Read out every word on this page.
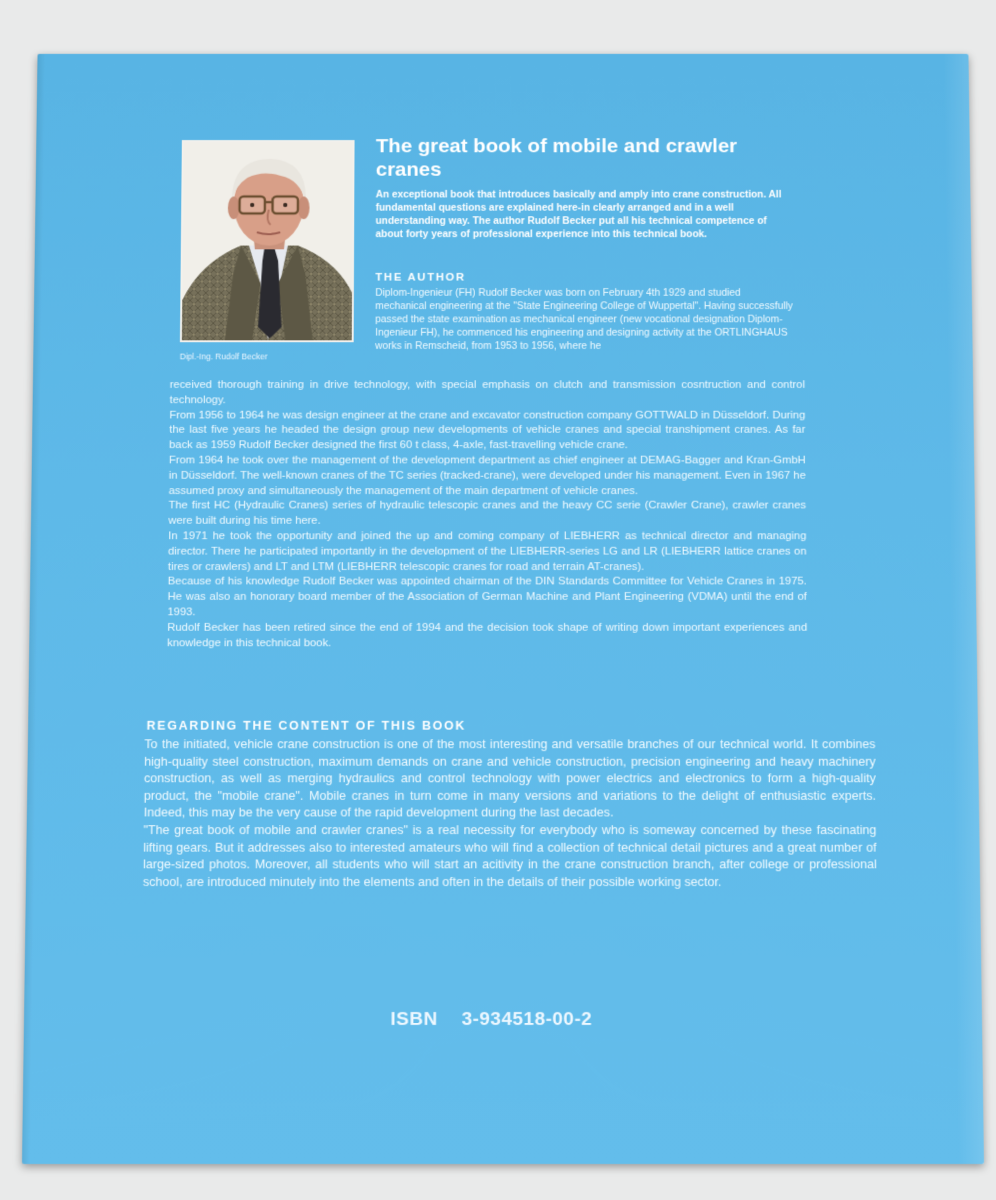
Dipl.-Ing. Rudolf Becker
The great book of mobile and crawler cranes
An exceptional book that introduces basically and amply into crane construction. All fundamental questions are explained here-in clearly arranged and in a well understanding way. The author Rudolf Becker put all his technical competence of about forty years of professional experience into this technical book.
THE AUTHOR
Diplom-Ingenieur (FH) Rudolf Becker was born on February 4th 1929 and studied mechanical engineering at the "State Engineering College of Wuppertal". Having successfully passed the state examination as mechanical engineer (new vocational designation Diplom-Ingenieur FH), he commenced his engineering and designing activity at the ORTLINGHAUS works in Remscheid, from 1953 to 1956, where he

received thorough training in drive technology, with special emphasis on clutch and transmission cosntruction and control technology.

From 1956 to 1964 he was design engineer at the crane and excavator construction company GOTTWALD in Düsseldorf. During the last five years he headed the design group new developments of vehicle cranes and special transhipment cranes. As far back as 1959 Rudolf Becker designed the first 60 t class, 4-axle, fast-travelling vehicle crane.

From 1964 he took over the management of the development department as chief engineer at DEMAG-Bagger and Kran-GmbH in Düsseldorf. The well-known cranes of the TC series (tracked-crane), were developed under his management. Even in 1967 he assumed proxy and simultaneously the management of the main department of vehicle cranes.

The first HC (Hydraulic Cranes) series of hydraulic telescopic cranes and the heavy CC serie (Crawler Crane), crawler cranes were built during his time here.

In 1971 he took the opportunity and joined the up and coming company of LIEBHERR as technical director and managing director. There he participated importantly in the development of the LIEBHERR-series LG and LR (LIEBHERR lattice cranes on tires or crawlers) and LT and LTM (LIEBHERR telescopic cranes for road and terrain AT-cranes).

Because of his knowledge Rudolf Becker was appointed chairman of the DIN Standards Committee for Vehicle Cranes in 1975. He was also an honorary board member of the Association of German Machine and Plant Engineering (VDMA) until the end of 1993.

Rudolf Becker has been retired since the end of 1994 and the decision took shape of writing down important experiences and knowledge in this technical book.

REGARDING THE CONTENT OF THIS BOOK

To the initiated, vehicle crane construction is one of the most interesting and versatile branches of our technical world. It combines high-quality steel construction, maximum demands on crane and vehicle construction, precision engineering and heavy machinery construction, as well as merging hydraulics and control technology with power electrics and electronics to form a high-quality product, the "mobile crane". Mobile cranes in turn come in many versions and variations to the delight of enthusiastic experts. Indeed, this may be the very cause of the rapid development during the last decades.

"The great book of mobile and crawler cranes" is a real necessity for everybody who is someway concerned by these fascinating lifting gears. But it addresses also to interested amateurs who will find a collection of technical detail pictures and a great number of large-sized photos. Moreover, all students who will start an acitivity in the crane construction branch, after college or professional school, are introduced minutely into the elements and often in the details of their possible working sector.

ISBN 3-934518-00-2
